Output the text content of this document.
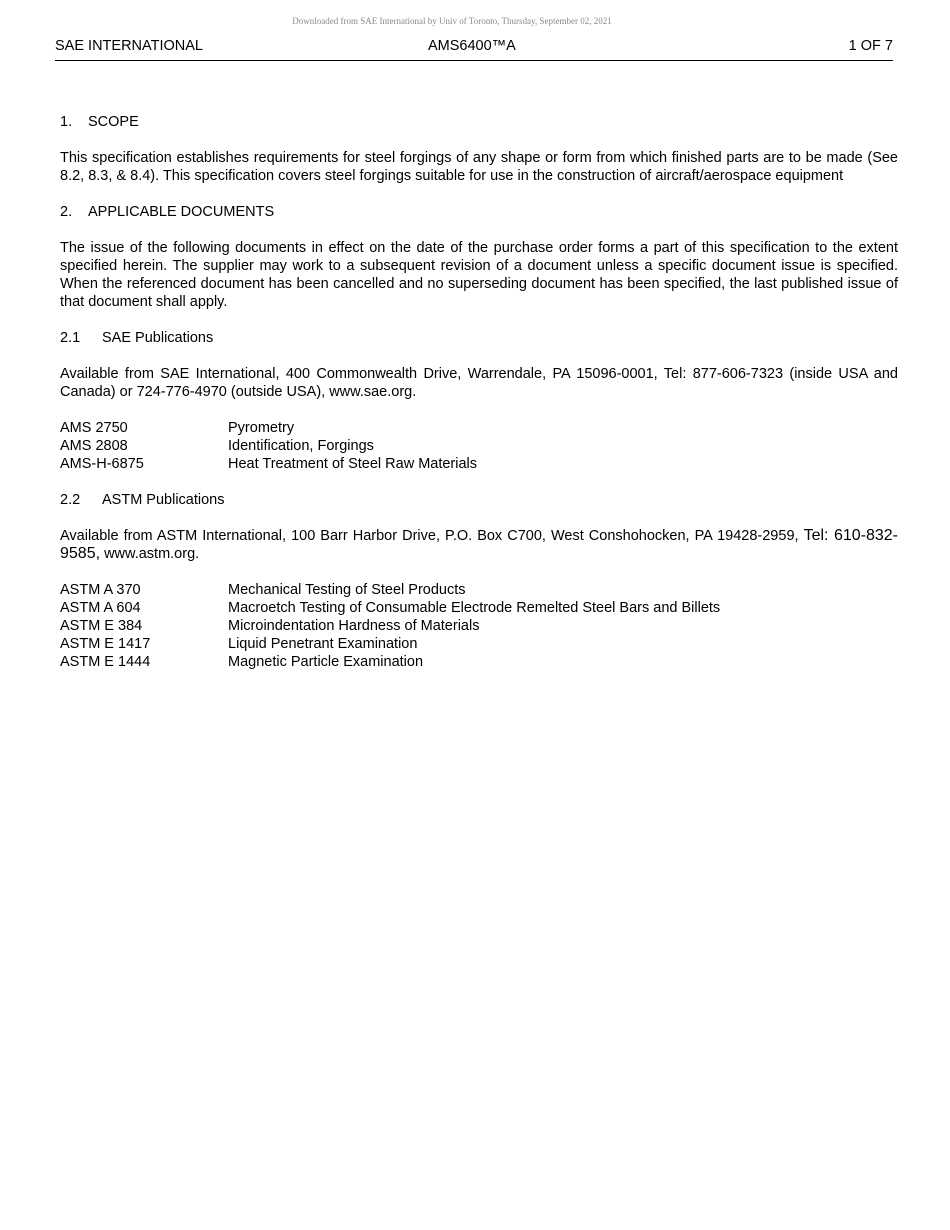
Downloaded from SAE International by Univ of Toronto, Thursday, September 02, 2021
SAE INTERNATIONAL	AMS6400™A	1 OF 7
1.	SCOPE

This specification establishes requirements for steel forgings of any shape or form from which finished parts are to be made (See 8.2, 8.3, & 8.4). This specification covers steel forgings suitable for use in the construction of aircraft/aerospace equipment

2.	APPLICABLE DOCUMENTS

The issue of the following documents in effect on the date of the purchase order forms a part of this specification to the extent specified herein. The supplier may work to a subsequent revision of a document unless a specific document issue is specified. When the referenced document has been cancelled and no superseding document has been specified, the last published issue of that document shall apply.

2.1	SAE Publications

Available from SAE International, 400 Commonwealth Drive, Warrendale, PA 15096-0001, Tel: 877-606-7323 (inside USA and Canada) or 724-776-4970 (outside USA), www.sae.org.

AMS 2750	Pyrometry
AMS 2808	Identification, Forgings
AMS-H-6875	Heat Treatment of Steel Raw Materials
2.2	ASTM Publications

Available from ASTM International, 100 Barr Harbor Drive, P.O. Box C700, West Conshohocken, PA 19428-2959, Tel: 610-832-9585, www.astm.org.

ASTM A 370	Mechanical Testing of Steel Products
ASTM A 604	Macroetch Testing of Consumable Electrode Remelted Steel Bars and Billets
ASTM E 384	Microindentation Hardness of Materials
ASTM E 1417	Liquid Penetrant Examination
ASTM E 1444	Magnetic Particle Examination
